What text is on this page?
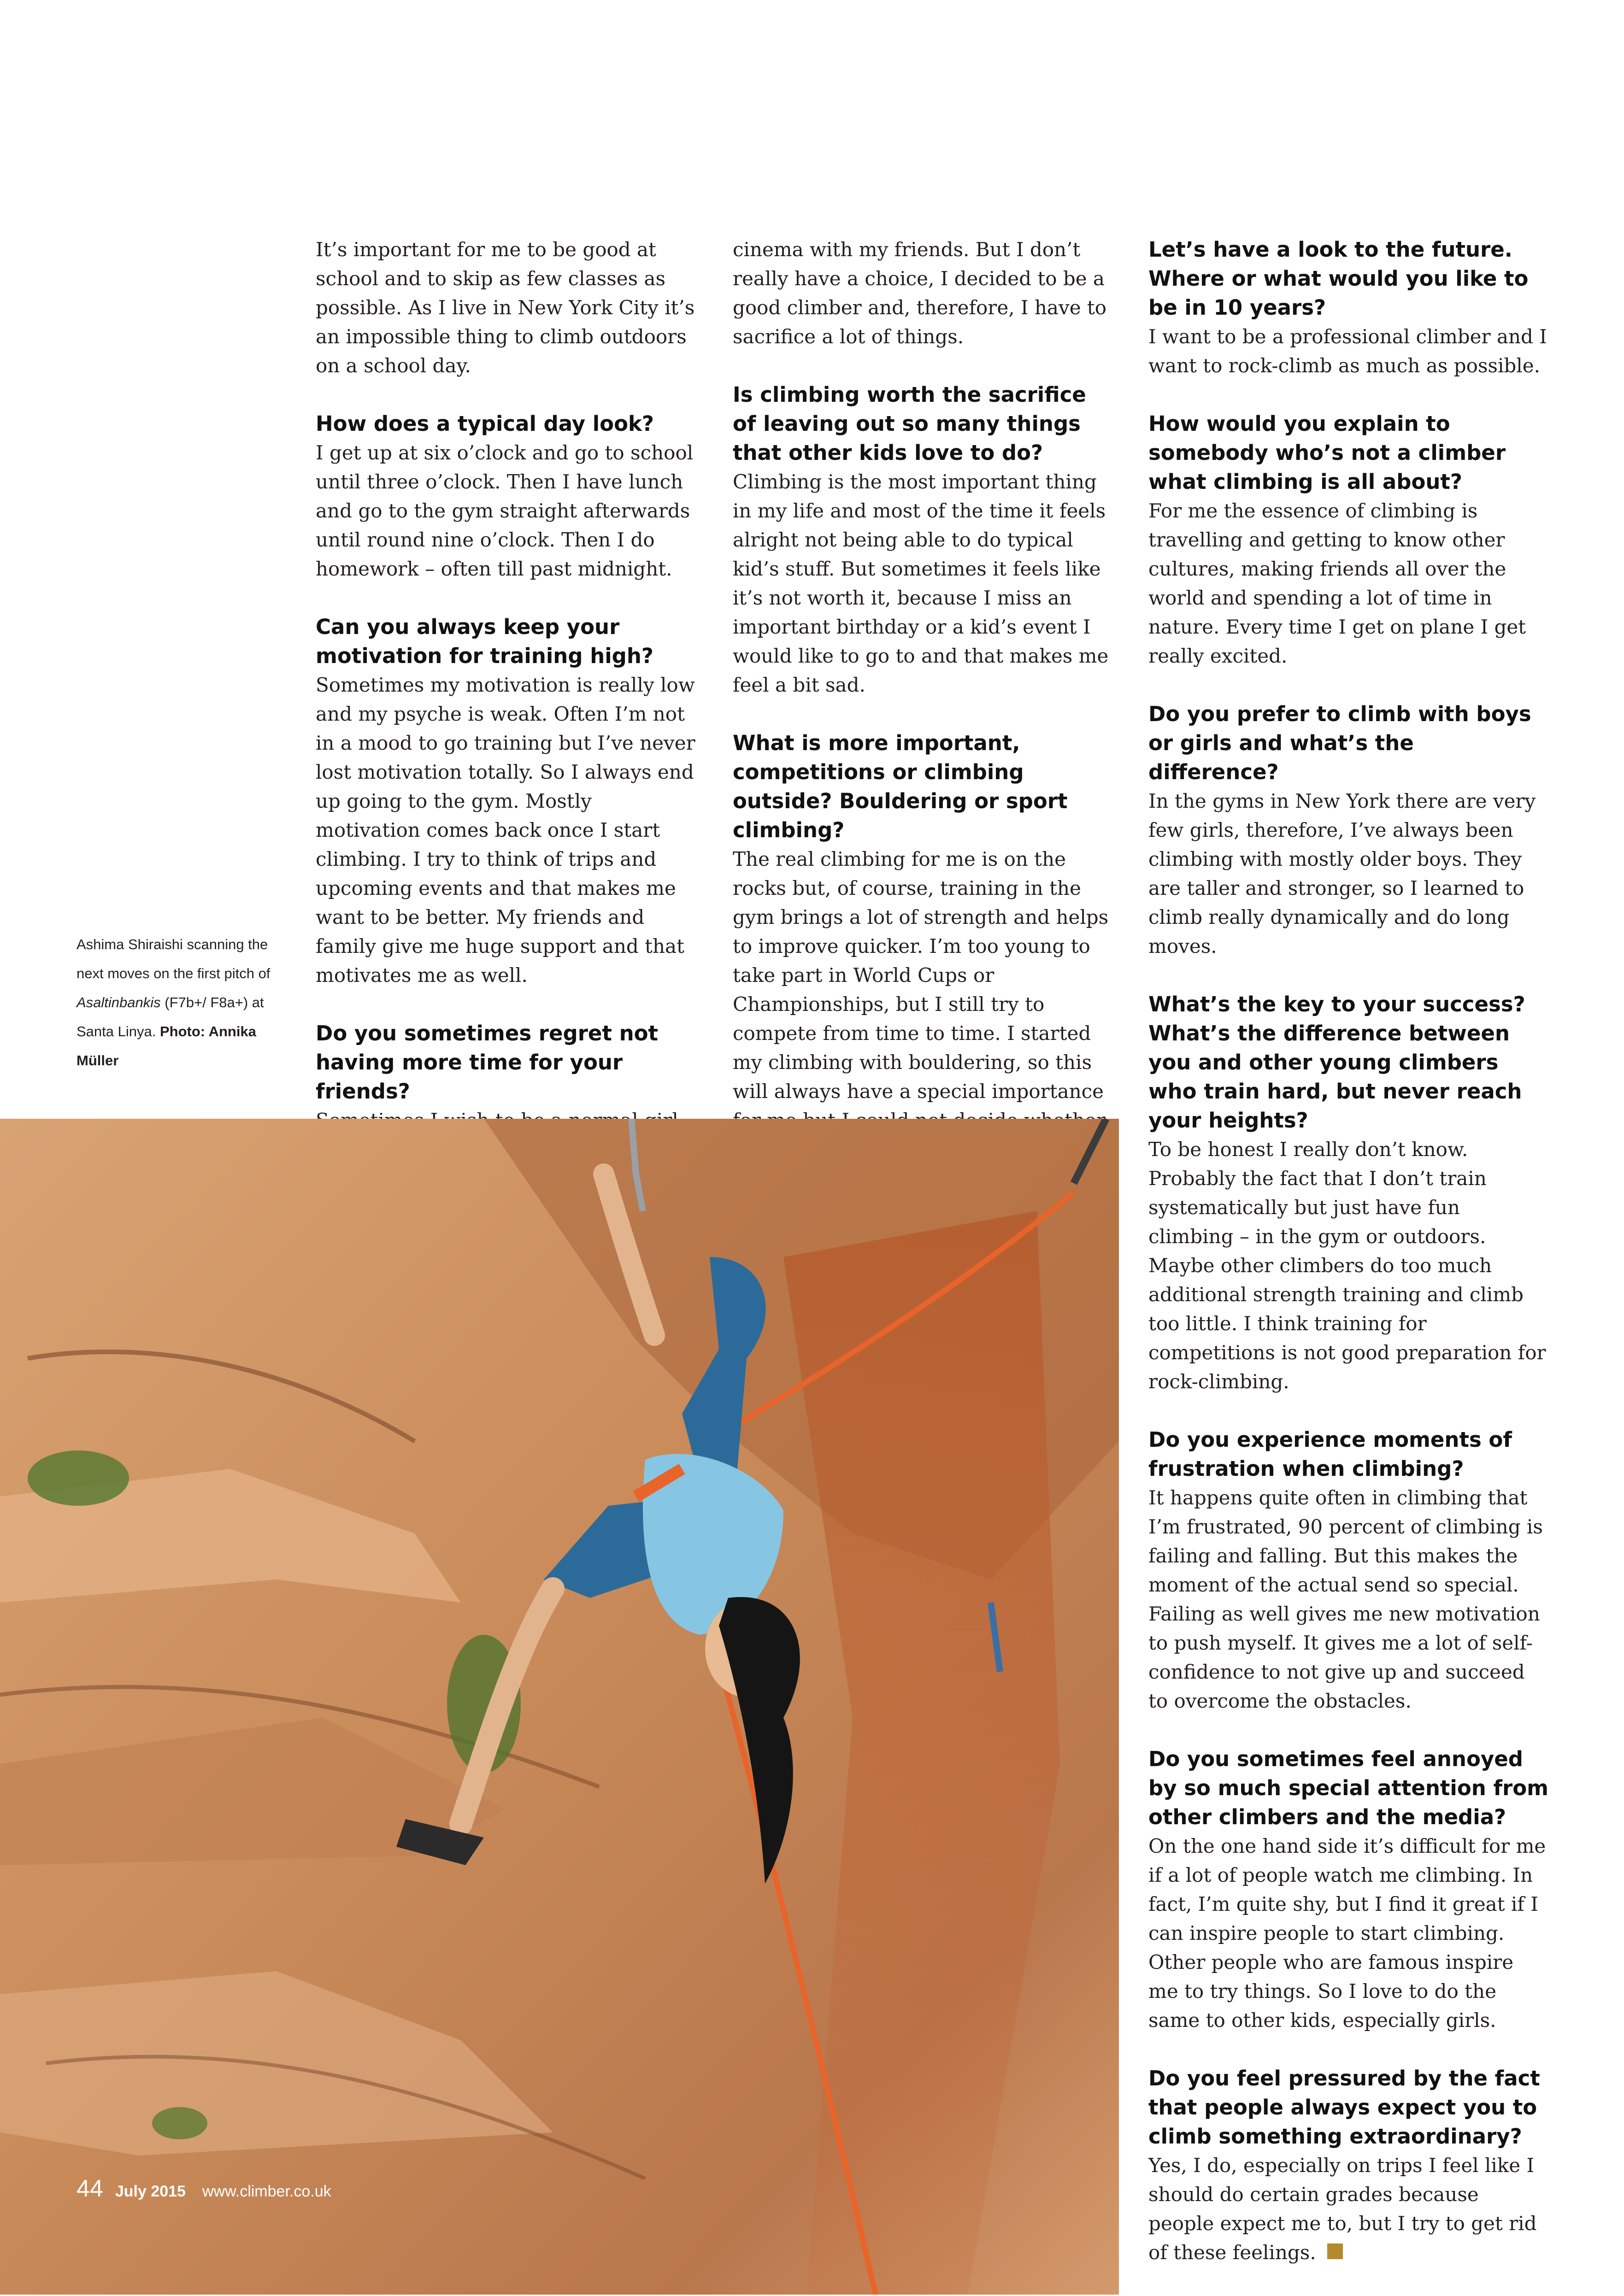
It’s important for me to be good at school and to skip as few classes as possible. As I live in New York City it’s an impossible thing to climb outdoors on a school day.

How does a typical day look?

I get up at six o’clock and go to school until three o’clock. Then I have lunch and go to the gym straight afterwards until round nine o’clock. Then I do homework – often till past midnight.

Can you always keep your motivation for training high?

Sometimes my motivation is really low and my psyche is weak. Often I’m not in a mood to go training but I’ve never lost motivation totally. So I always end up going to the gym. Mostly motivation comes back once I start climbing. I try to think of trips and upcoming events and that makes me want to be better. My friends and family give me huge support and that motivates me as well.

Do you sometimes regret not having more time for your friends?

cinema with my friends. But I don’t really have a choice, I decided to be a good climber and, therefore, I have to sacrifice a lot of things.

Is climbing worth the sacrifice of leaving out so many things that other kids love to do?

Climbing is the most important thing in my life and most of the time it feels alright not being able to do typical kid’s stuff. But sometimes it feels like it’s not worth it, because I miss an important birthday or a kid’s event I would like to go to and that makes me feel a bit sad.

What is more important, competitions or climbing outside? Bouldering or sport climbing?

The real climbing for me is on the rocks but, of course, training in the gym brings a lot of strength and helps to improve quicker. I’m too young to take part in World Cups or Championships, but I still try to compete from time to time. I started my climbing with bouldering, so this will always have a special importance

Let’s have a look to the future. Where or what would you like to be in 10 years?

I want to be a professional climber and I want to rock-climb as much as possible.

How would you explain to somebody who’s not a climber what climbing is all about?

For me the essence of climbing is travelling and getting to know other cultures, making friends all over the world and spending a lot of time in nature. Every time I get on plane I get really excited.

Do you prefer to climb with boys or girls and what’s the difference?

In the gyms in New York there are very few girls, therefore, I’ve always been climbing with mostly older boys. They are taller and stronger, so I learned to climb really dynamically and do long moves.

What’s the key to your success? What’s the difference between you and other young climbers who train hard, but never reach your heights?

To be honest I really don’t know. Probably the fact that I don’t train systematically but just have fun climbing – in the gym or outdoors. Maybe other climbers do too much additional strength training and climb too little. I think training for competitions is not good preparation for rock-climbing.

Do you experience moments of frustration when climbing?

It happens quite often in climbing that I’m frustrated, 90 percent of climbing is failing and falling. But this makes the moment of the actual send so special. Failing as well gives me new motivation to push myself. It gives me a lot of self-confidence to not give up and succeed to overcome the obstacles.

Do you sometimes feel annoyed by so much special attention from other climbers and the media?

On the one hand side it’s difficult for me if a lot of people watch me climbing. In fact, I’m quite shy, but I find it great if I can inspire people to start climbing. Other people who are famous inspire me to try things. So I love to do the same to other kids, especially girls.

Do you feel pressured by the fact that people always expect you to climb something extraordinary?

Yes, I do, especially on trips I feel like I should do certain grades because people expect me to, but I try to get rid of these feelings.

Ashima Shiraishi scanning the next moves on the first pitch of Asaltinbankis (F7b+/ F8a+) at Santa Linya. Photo: Annika Müller
44 July 2015 www.climber.co.uk
